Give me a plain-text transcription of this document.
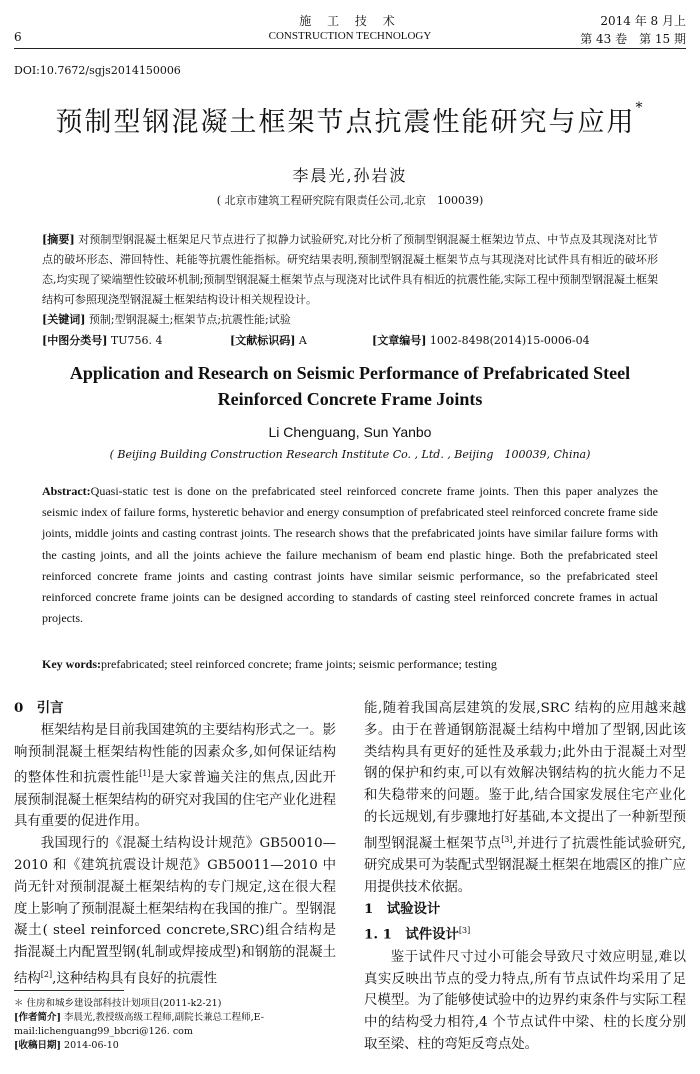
6
施 工 技 术
CONSTRUCTION TECHNOLOGY
2014 年 8 月上
第 43 卷　第 15 期
DOI:10.7672/sgjs2014150006
预制型钢混凝土框架节点抗震性能研究与应用*
李晨光,孙岩波
( 北京市建筑工程研究院有限责任公司,北京　100039)
[摘要] 对预制型钢混凝土框架足尺节点进行了拟静力试验研究,对比分析了预制型钢混凝土框架边节点、中节点及其现浇对比节点的破坏形态、滞回特性、耗能等抗震性能指标。研究结果表明,预制型钢混凝土框架节点与其现浇对比试件具有相近的破坏形态,均实现了梁端塑性铰破坏机制;预制型钢混凝土框架节点与现浇对比试件具有相近的抗震性能,实际工程中预制型钢混凝土框架结构可参照现浇型钢混凝土框架结构设计相关规程设计。
[关键词] 预制;型钢混凝土;框架节点;抗震性能;试验
[中图分类号] TU756. 4	[文献标识码] A	[文章编号] 1002-8498(2014)15-0006-04
Application and Research on Seismic Performance of Prefabricated Steel
Reinforced Concrete Frame Joints
Li Chenguang, Sun Yanbo
( Beijing Building Construction Research Institute Co. , Ltd. , Beijing　100039, China)
Abstract:Quasi-static test is done on the prefabricated steel reinforced concrete frame joints. Then this paper analyzes the seismic index of failure forms, hysteretic behavior and energy consumption of prefabricated steel reinforced concrete frame side joints, middle joints and casting contrast joints. The research shows that the prefabricated joints have similar failure forms with the casting joints, and all the joints achieve the failure mechanism of beam end plastic hinge. Both the prefabricated steel reinforced concrete frame joints and casting contrast joints have similar seismic performance, so the prefabricated steel reinforced concrete frame joints can be designed according to standards of casting steel reinforced concrete frames in actual projects.
Key words:prefabricated; steel reinforced concrete; frame joints; seismic performance; testing

0　引言

框架结构是目前我国建筑的主要结构形式之一。影响预制混凝土框架结构性能的因素众多,如何保证结构的整体性和抗震性能[1]是大家普遍关注的焦点,因此开展预制混凝土框架结构的研究对我国的住宅产业化进程具有重要的促进作用。

我国现行的《混凝土结构设计规范》GB50010—2010 和《建筑抗震设计规范》GB50011—2010 中尚无针对预制混凝土框架结构的专门规定,这在很大程度上影响了预制混凝土框架结构在我国的推广。型钢混凝土( steel reinforced concrete,SRC)组合结构是指混凝土内配置型钢(轧制或焊接成型)和钢筋的混凝土结构[2],这种结构具有良好的抗震性

能,随着我国高层建筑的发展,SRC 结构的应用越来越多。由于在普通钢筋混凝土结构中增加了型钢,因此该类结构具有更好的延性及承载力;此外由于混凝土对型钢的保护和约束,可以有效解决钢结构的抗火能力不足和失稳带来的问题。鉴于此,结合国家发展住宅产业化的长远规划,有步骤地打好基础,本文提出了一种新型预制型钢混凝土框架节点[3],并进行了抗震性能试验研究,研究成果可为装配式型钢混凝土框架在地震区的推广应用提供技术依据。

1　试验设计

1. 1　试件设计[3]

鉴于试件尺寸过小可能会导致尺寸效应明显,难以真实反映出节点的受力特点,所有节点试件均采用了足尺模型。为了能够使试验中的边界约束条件与实际工程中的结构受力相符,4 个节点试件中梁、柱的长度分别取至梁、柱的弯矩反弯点处。

＊ 住房和城乡建设部科技计划项目(2011-k2-21)

[作者简介] 李晨光,教授级高级工程师,副院长兼总工程师,E-mail:lichenguang99_bbcri@126. com

[收稿日期] 2014-06-10
